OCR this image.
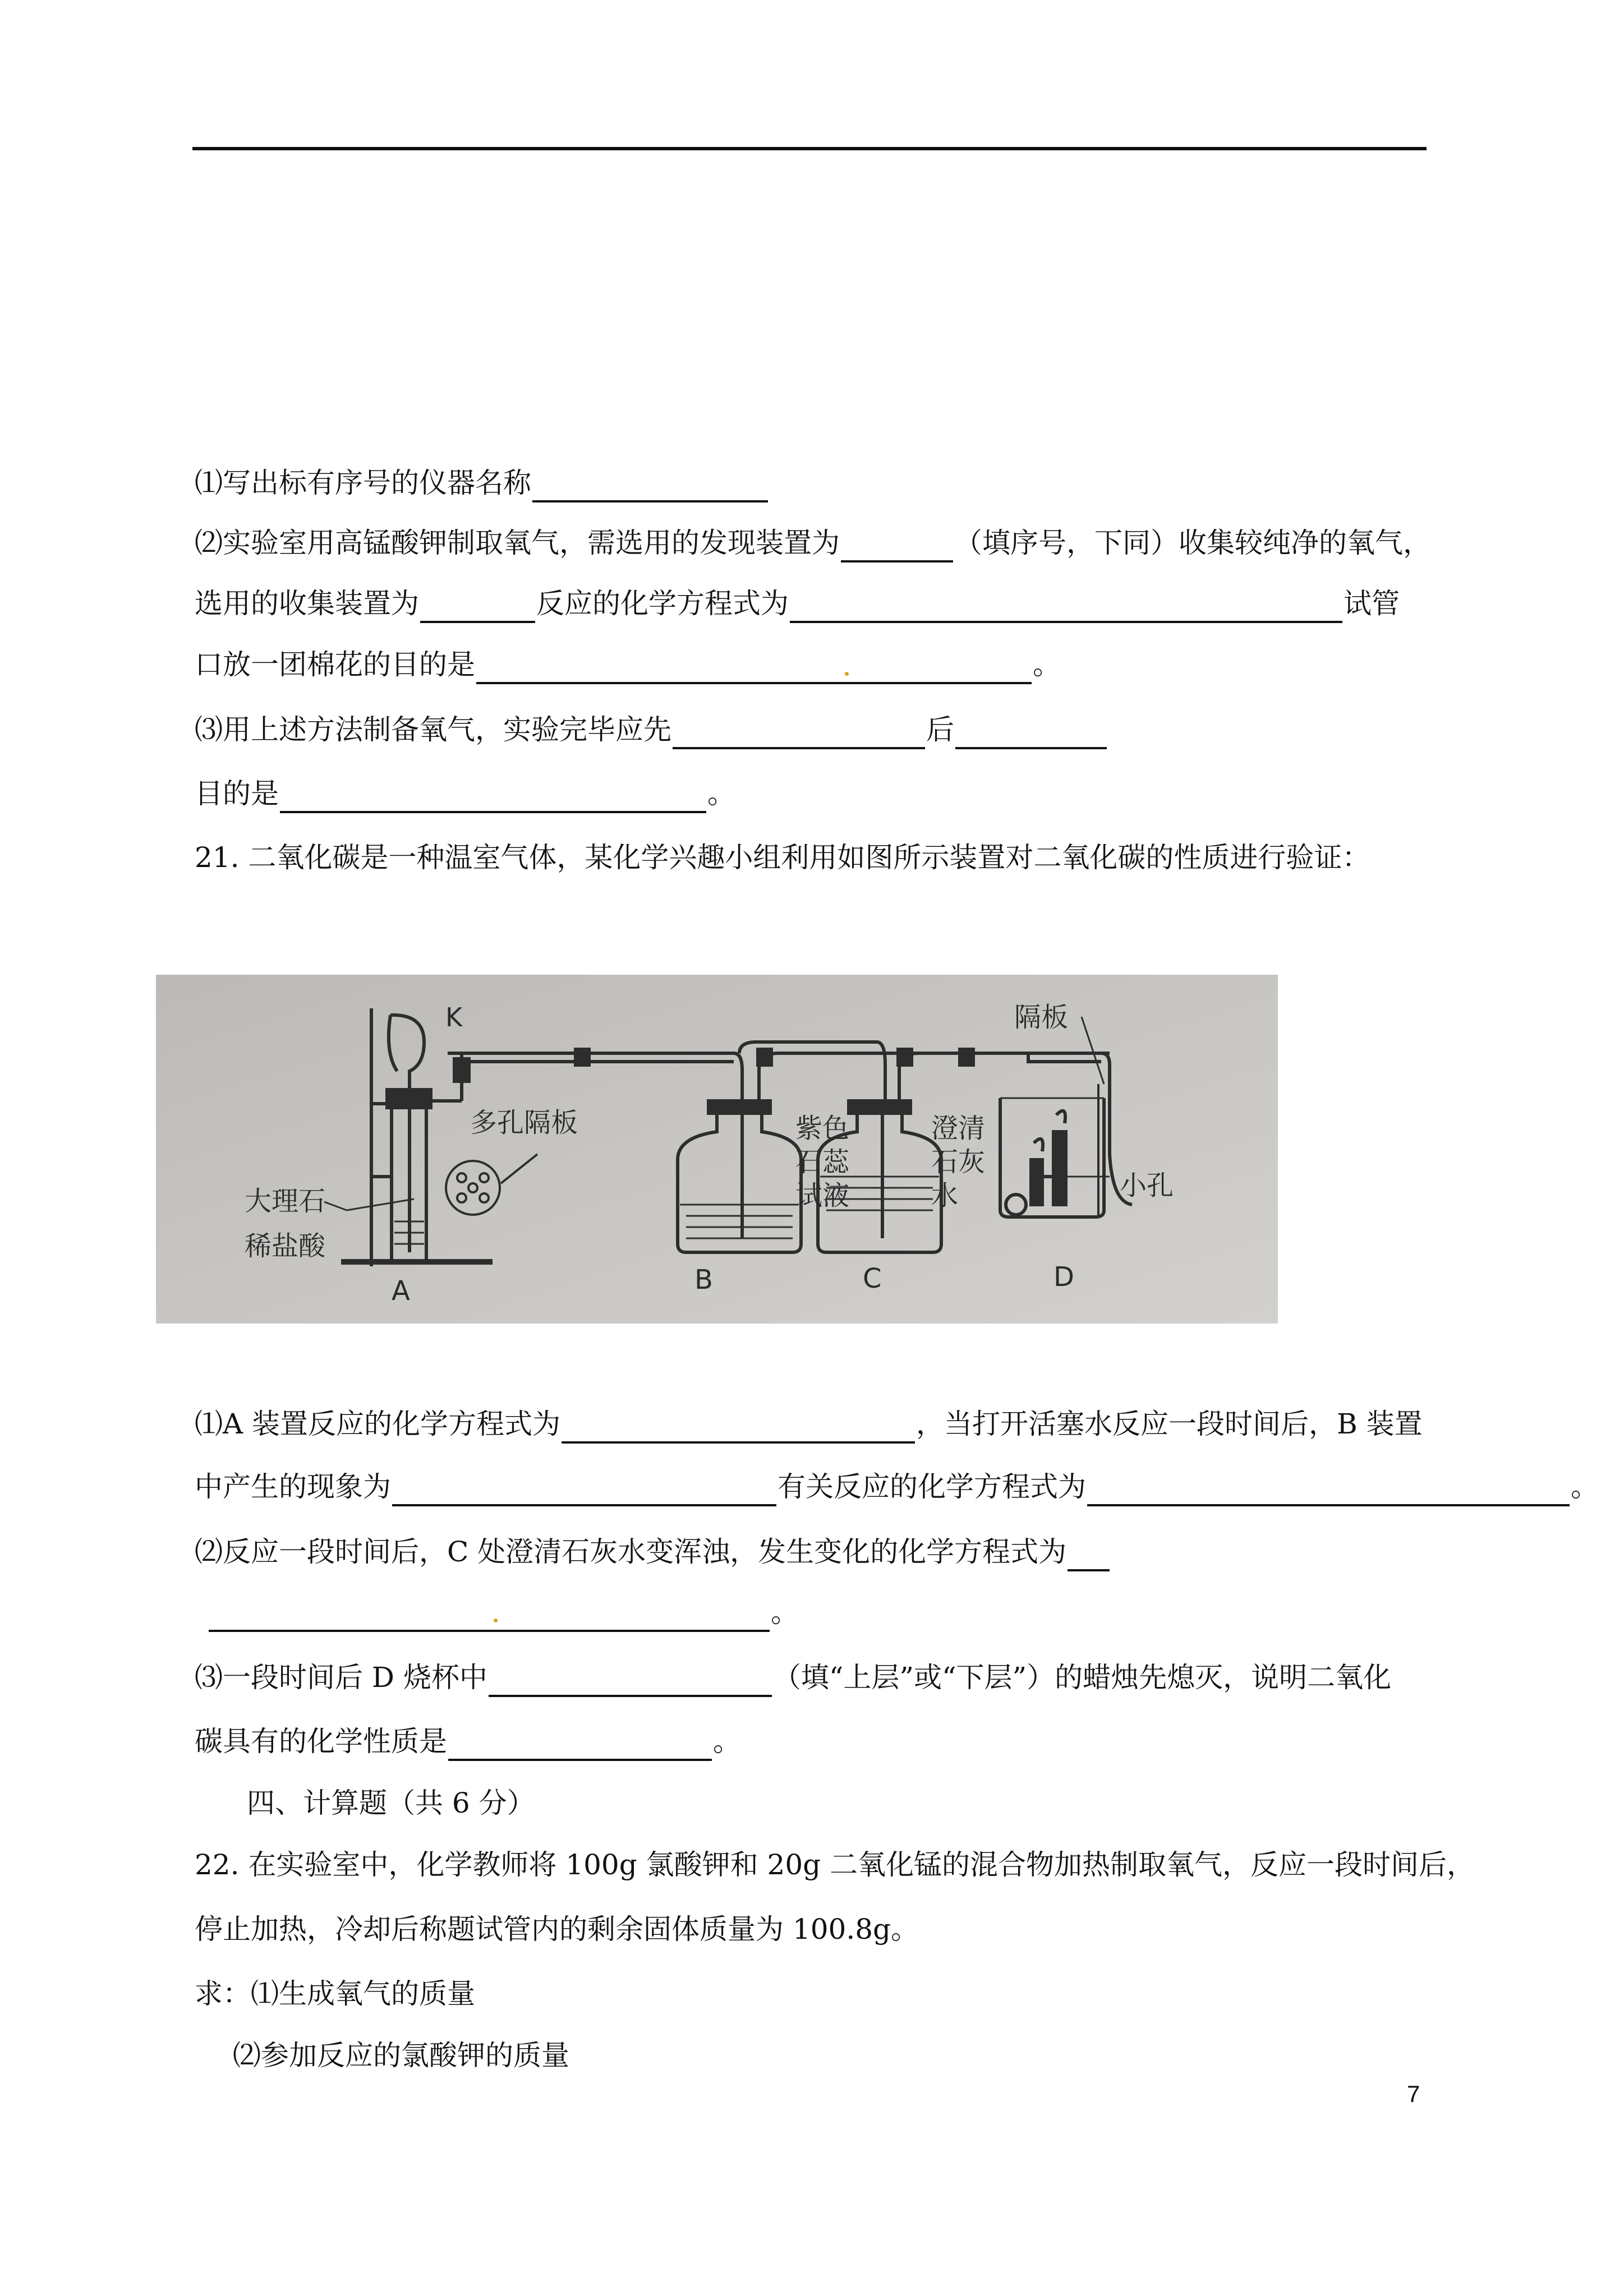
⑴写出标有序号的仪器名称
⑵实验室用高锰酸钾制取氧气，需选用的发现装置为	（填序号，下同）收集较纯净的氧气，
选用的收集装置为	反应的化学方程式为	试管
口放一团棉花的目的是	。
⑶用上述方法制备氧气，实验完毕应先	后
目的是	。
21. 二氧化碳是一种温室气体，某化学兴趣小组利用如图所示装置对二氧化碳的性质进行验证：
K
多孔隔板
大理石
稀盐酸
紫色
石蕊
试液
澄清
石灰
水
隔板
小孔
A	B	C	D
⑴A 装置反应的化学方程式为	，当打开活塞水反应一段时间后，B 装置
中产生的现象为	有关反应的化学方程式为	。
⑵反应一段时间后，C 处澄清石灰水变浑浊，发生变化的化学方程式为
。
⑶一段时间后 D 烧杯中	（填“上层”或“下层”）的蜡烛先熄灭，说明二氧化
碳具有的化学性质是	。
四、计算题（共 6 分）
22. 在实验室中，化学教师将 100g 氯酸钾和 20g 二氧化锰的混合物加热制取氧气，反应一段时间后，
停止加热，冷却后称题试管内的剩余固体质量为 100.8g。
求：⑴生成氧气的质量
⑵参加反应的氯酸钾的质量
7
